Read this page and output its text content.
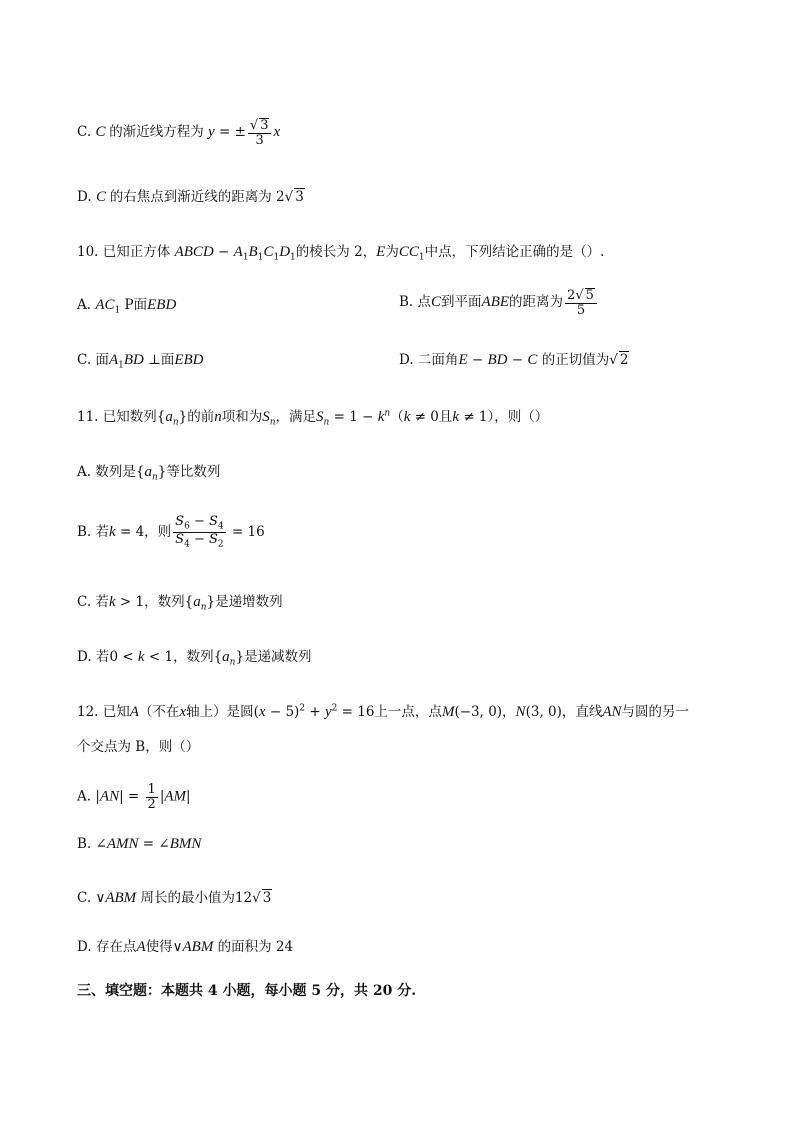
C. C 的渐近线方程为 y = ± $\frac{√ 3}{3}$ x
D. C 的右焦点到渐近线的距离为 2√ 3
10. 已知正方体 ABCD − $A_1B_1C_1D_1$的棱长为 2，E为$CC_1$中点，下列结论正确的是（）.
A. $AC_1$ P面EBD	B. 点C到平面ABE的距离为 $\frac{2√ 5}{5}$
C. 面$A_1BD$ ⊥面EBD	D. 二面角E − BD − C 的正切值为√ 2
11. 已知数列$\{a_n\}$的前n项和为$S_n$，满足$S_n = 1 - k^n(k \ne 0$且k ≠ 1），则（）
A. 数列是$\{a_n\}$等比数列
B. 若k = 4，则 $\frac{S_6 - S_4}{S_4 - S_2} = 16$
C. 若k > 1，数列$\{a_n\}$是递增数列
D. 若0 < k < 1，数列$\{a_n\}$是递减数列
12. 已知A（不在x轴上）是圆$(x - 5)^2 + y^2 = 16$上一点，点M(−3, 0)，N(3, 0)，直线AN与圆的另一
个交点为 B，则（）
A. $|AN| = \frac{1}{2} |AM|$
B. ∠AMN = ∠BMN
C. ∨ABM 周长的最小值为12√ 3
D. 存在点A使得∨ABM 的面积为 24
三、填空题：本题共 4 小题，每小题 5 分，共 20 分.
